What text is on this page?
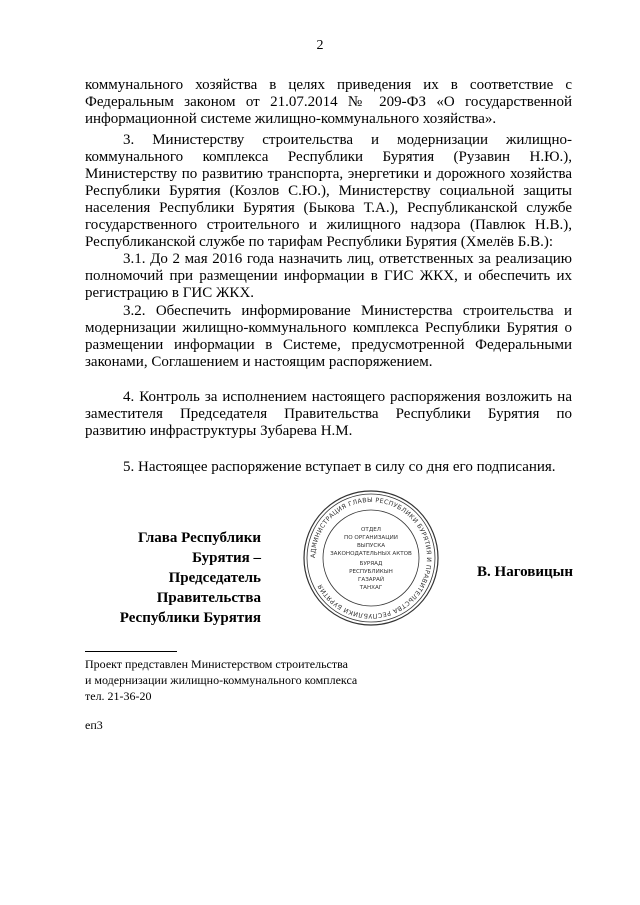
2
коммунального хозяйства в целях приведения их в соответствие с
Федеральным законом от 21.07.2014 № 209-ФЗ «О государственной
информационной системе жилищно-коммунального хозяйства».
3. Министерству строительства и модернизации жилищно-
коммунального комплекса Республики Бурятия (Рузавин Н.Ю.),
Министерству по развитию транспорта, энергетики и дорожного хозяйства
Республики Бурятия (Козлов С.Ю.), Министерству социальной защиты
населения Республики Бурятия (Быкова Т.А.), Республиканской службе
государственного строительного и жилищного надзора (Павлюк Н.В.),
Республиканской службе по тарифам Республики Бурятия (Хмелёв Б.В.):
3.1. До 2 мая 2016 года назначить лиц, ответственных за реализацию
полномочий при размещении информации в ГИС ЖКХ, и обеспечить их
регистрацию в ГИС ЖКХ.
3.2. Обеспечить информирование Министерства строительства и
модернизации жилищно-коммунального комплекса Республики Бурятия о
размещении информации в Системе, предусмотренной Федеральными
законами, Соглашением и настоящим распоряжением.
4. Контроль за исполнением настоящего распоряжения возложить на
заместителя Председателя Правительства Республики Бурятия по
развитию инфраструктуры Зубарева Н.М.
5. Настоящее распоряжение вступает в силу со дня его подписания.
Глава Республики Бурятия –
Председатель Правительства
Республики Бурятия
АДМИНИСТРАЦИЯ ГЛАВЫ РЕСПУБЛИКИ БУРЯТИЯ И ПРАВИТЕЛЬСТВА РЕСПУБЛИКИ БУРЯТИЯ
ОТДЕЛ
ПО ОРГАНИЗАЦИИ
ВЫПУСКА
ЗАКОНОДАТЕЛЬНЫХ АКТОВ
БУРЯАД
РЕСПУБЛИКЫН
ГАЗАРАЙ
ТАНХАГ
В. Наговицын
Проект представлен Министерством строительства
и модернизации жилищно-коммунального комплекса
тел. 21-36-20
еп3
